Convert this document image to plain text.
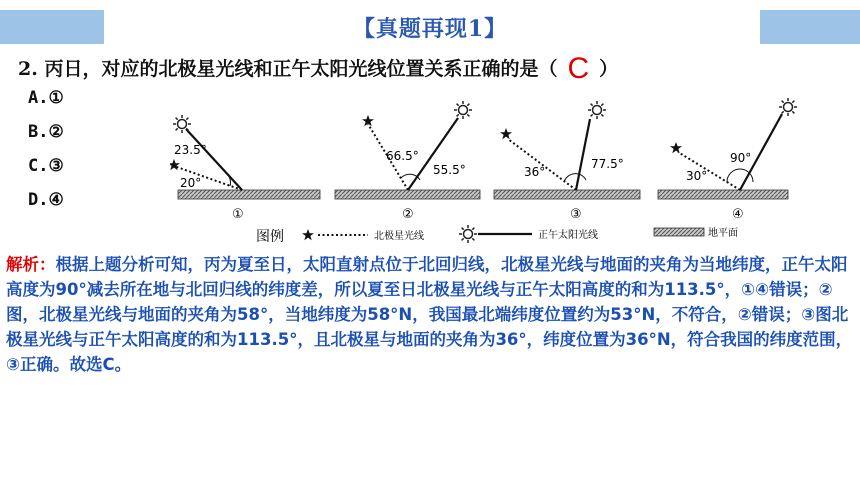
【真题再现1】
2. 丙日，对应的北极星光线和正午太阳光线位置关系正确的是（ C ）
A.①
B.②
C.③
D.④
23.5°
20°
①
66.5°
55.5°
②
36°
77.5°
③
30°
90°
④
图例	北极星光线	正午太阳光线	地平面
解析：根据上题分析可知，丙为夏至日，太阳直射点位于北回归线，北极星光线与地面的夹角为当地纬度，正午太阳高度为90°减去所在地与北回归线的纬度差，所以夏至日北极星光线与正午太阳高度的和为113.5°，①④错误；②图，北极星光线与地面的夹角为58°，当地纬度为58°N，我国最北端纬度位置约为53°N，不符合，②错误；③图北极星光线与正午太阳高度的和为113.5°，且北极星与地面的夹角为36°，纬度位置为36°N，符合我国的纬度范围，③正确。故选C。
